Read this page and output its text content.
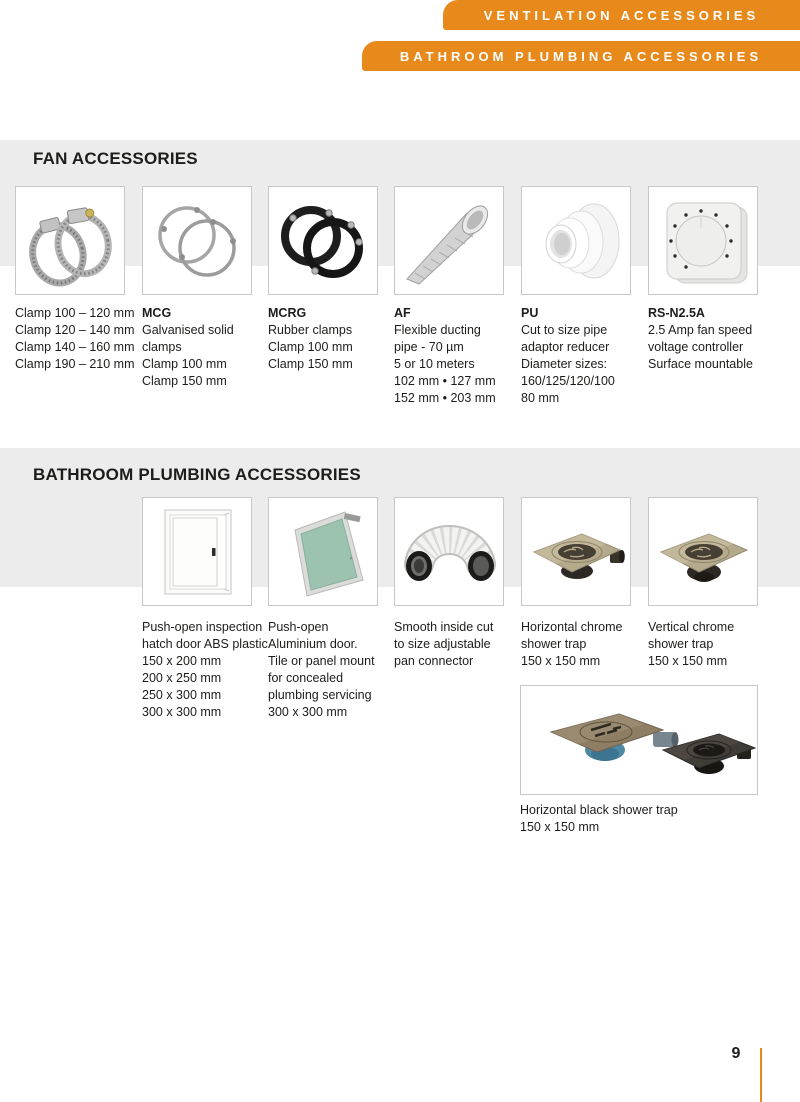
VENTILATION ACCESSORIES
BATHROOM PLUMBING ACCESSORIES
FAN ACCESSORIES
Clamp 100 – 120 mm
Clamp 120 – 140 mm
Clamp 140 – 160 mm
Clamp 190 – 210 mm
MCG
Galvanised solid
clamps
Clamp 100 mm
Clamp 150 mm
MCRG
Rubber clamps
Clamp 100 mm
Clamp 150 mm
AF
Flexible ducting
pipe - 70 µm
5 or 10 meters
102 mm • 127 mm
152 mm • 203 mm
PU
Cut to size pipe
adaptor reducer
Diameter sizes:
160/125/120/100
80 mm
RS-N2.5A
2.5 Amp fan speed
voltage controller
Surface mountable
BATHROOM PLUMBING ACCESSORIES
Push-open inspection
hatch door ABS plastic
150 x 200 mm
200 x 250 mm
250 x 300 mm
300 x 300 mm
Push-open
Aluminium door.
Tile or panel mount
for concealed
plumbing servicing
300 x 300 mm
Smooth inside cut
to size adjustable
pan connector
Horizontal chrome
shower trap
150 x 150 mm
Vertical chrome
shower trap
150 x 150 mm
Horizontal black shower trap
150 x 150 mm
9
